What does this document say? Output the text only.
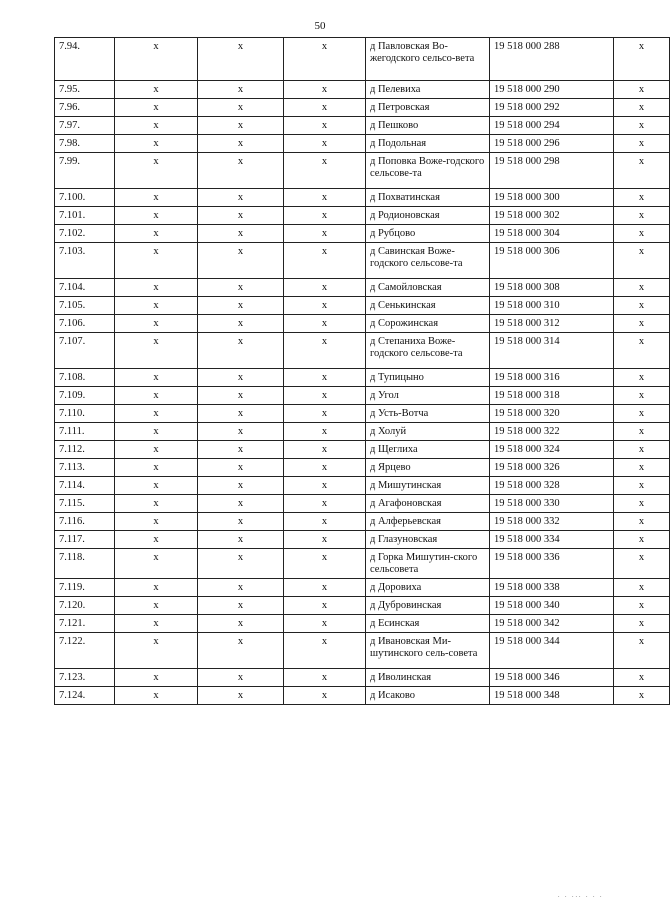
50
7.94.	х	х	х	д Павловская Во-жегодского сельсо-вета	19 518 000 288	х
7.95.	х	х	х	д Пелевиха	19 518 000 290	х
7.96.	х	х	х	д Петровская	19 518 000 292	х
7.97.	х	х	х	д Пешково	19 518 000 294	х
7.98.	х	х	х	д Подольная	19 518 000 296	х
7.99.	х	х	х	д Поповка Воже-годского сельсове-та	19 518 000 298	х
7.100.	х	х	х	д Похватинская	19 518 000 300	х
7.101.	х	х	х	д Родионовская	19 518 000 302	х
7.102.	х	х	х	д Рубцово	19 518 000 304	х
7.103.	х	х	х	д Савинская Воже-годского сельсове-та	19 518 000 306	х
7.104.	х	х	х	д Самойловская	19 518 000 308	х
7.105.	х	х	х	д Сенькинская	19 518 000 310	х
7.106.	х	х	х	д Сорожинская	19 518 000 312	х
7.107.	х	х	х	д Степаниха Воже-годского сельсове-та	19 518 000 314	х
7.108.	х	х	х	д Тупицыно	19 518 000 316	х
7.109.	х	х	х	д Угол	19 518 000 318	х
7.110.	х	х	х	д Усть-Вотча	19 518 000 320	х
7.111.	х	х	х	д Холуй	19 518 000 322	х
7.112.	х	х	х	д Щеглиха	19 518 000 324	х
7.113.	х	х	х	д Ярцево	19 518 000 326	х
7.114.	х	х	х	д Мишутинская	19 518 000 328	х
7.115.	х	х	х	д Агафоновская	19 518 000 330	х
7.116.	х	х	х	д Алферьевская	19 518 000 332	х
7.117.	х	х	х	д Глазуновская	19 518 000 334	х
7.118.	х	х	х	д Горка Мишутин-ского сельсовета	19 518 000 336	х
7.119.	х	х	х	д Доровиха	19 518 000 338	х
7.120.	х	х	х	д Дубровинская	19 518 000 340	х
7.121.	х	х	х	д Есинская	19 518 000 342	х
7.122.	х	х	х	д Ивановская Ми-шутинского сель-совета	19 518 000 344	х
7.123.	х	х	х	д Иволинская	19 518 000 346	х
7.124.	х	х	х	д Исаково	19 518 000 348	х
. . ... . . .
